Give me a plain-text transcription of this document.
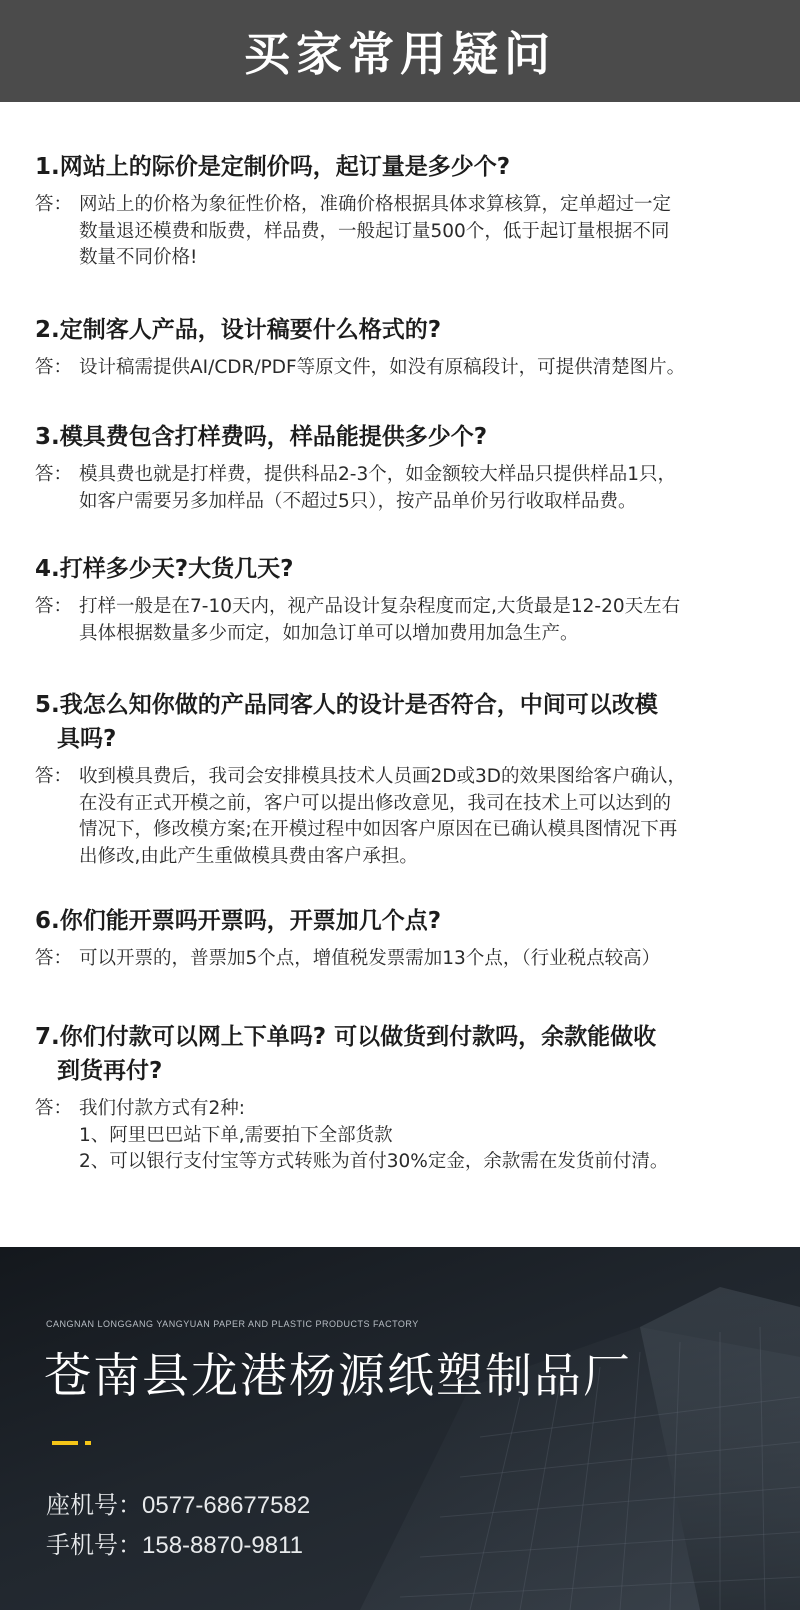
买家常用疑问

1.网站上的际价是定制价吗，起订量是多少个?

答： 网站上的价格为象征性价格，准确价格根据具体求算核算，定单超过一定
数量退还模费和版费，样品费，一般起订量500个，低于起订量根据不同
数量不同价格!

2.定制客人产品，设计稿要什么格式的?

答： 设计稿需提供AI/CDR/PDF等原文件，如没有原稿段计，可提供清楚图片。

3.模具费包含打样费吗，样品能提供多少个?

答： 模具费也就是打样费，提供科品2-3个，如金额较大样品只提供样品1只，
如客户需要另多加样品（不超过5只），按产品单价另行收取样品费。

4.打样多少天?大货几天?

答： 打样一般是在7-10天内，视产品设计复杂程度而定,大货最是12-20天左右
具体根据数量多少而定，如加急订单可以增加费用加急生产。

5.我怎么知你做的产品同客人的设计是否符合，中间可以改模

具吗?

答： 收到模具费后，我司会安排模具技术人员画2D或3D的效果图给客户确认，
在没有正式开模之前，客户可以提出修改意见，我司在技术上可以达到的
情况下，修改模方案;在开模过程中如因客户原因在已确认模具图情况下再
出修改,由此产生重做模具费由客户承担。

6.你们能开票吗开票吗，开票加几个点?

答： 可以开票的，普票加5个点，增值税发票需加13个点，（行业税点较高）

7.你们付款可以网上下单吗? 可以做货到付款吗，余款能做收

到货再付?

答： 我们付款方式有2种:
1、阿里巴巴站下单,需要拍下全部货款
2、可以银行支付宝等方式转账为首付30%定金，余款需在发货前付清。
CANGNAN LONGGANG YANGYUAN PAPER AND PLASTIC PRODUCTS FACTORY
苍南县龙港杨源纸塑制品厂
座机号：0577-68677582
手机号：158-8870-9811
